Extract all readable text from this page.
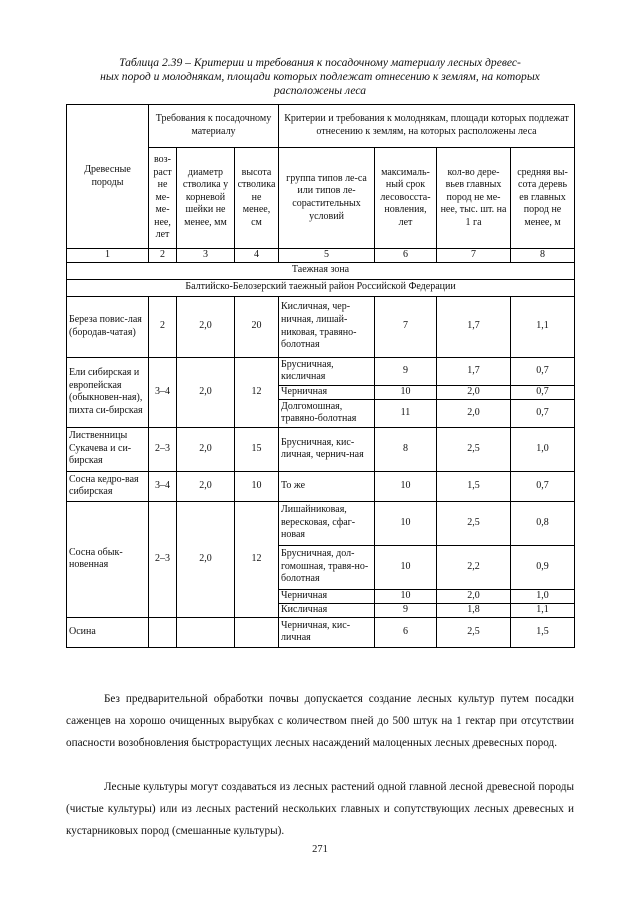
Таблица 2.39 – Критерии и требования к посадочному материалу лесных древес-
ных пород и молоднякам, площади которых подлежат отнесению к землям, на которых
расположены леса
Древесные породы	Требования к посадочному материалу			Критерии и требования к молоднякам, площади которых подлежат отнесению к землям, на которых расположены леса			
	воз-раст не ме-ме-нее, лет	диаметр стволика у корневой шейки не менее, мм	высота стволика не менее, см	группа типов ле-са или типов ле-сорастительных условий	максималь-ный срок лесовосста-новления, лет	кол-во дере-вьев главных пород не ме-нее, тыс. шт. на 1 га	средняя вы-сота деревь ев главных пород не менее, м
1	2	3	4	5	6	7	8
Таежная зона							
Балтийско-Белозерский таежный район Российской Федерации							
Береза повис-лая (бородав-чатая)	2	2,0	20	Кисличная, чер-ничная, лишай-никовая, травяно-болотная	7	1,7	1,1
Ели сибирская и европейская (обыкновен-ная), пихта си-бирская	3–4	2,0	12	Брусничная, кисличная	9	1,7	0,7
				Черничная	10	2,0	0,7
				Долгомошная, травяно-болотная	11	2,0	0,7
Лиственницы Сукачева и си-бирская	2–3	2,0	15	Брусничная, кис-личная, чернич-ная	8	2,5	1,0
Сосна кедро-вая сибирская	3–4	2,0	10	То же	10	1,5	0,7
Сосна обык-новенная	2–3	2,0	12	Лишайниковая, вересковая, сфаг-новая	10	2,5	0,8
				Брусничная, дол-гомошная, травя-но-болотная	10	2,2	0,9
				Черничная	10	2,0	1,0
				Кисличная	9	1,8	1,1
Осина				Черничная, кис-личная	6	2,5	1,5
Без предварительной обработки почвы допускается создание лесных культур путем посадки саженцев на хорошо очищенных вырубках с количеством пней до 500 штук на 1 гектар при отсутствии опасности возобновления быстрорастущих лесных насаждений малоценных лесных древесных пород.
Лесные культуры могут создаваться из лесных растений одной главной лесной древесной породы (чистые культуры) или из лесных растений нескольких главных и сопутствующих лесных древесных и кустарниковых пород (смешанные культуры).
271
